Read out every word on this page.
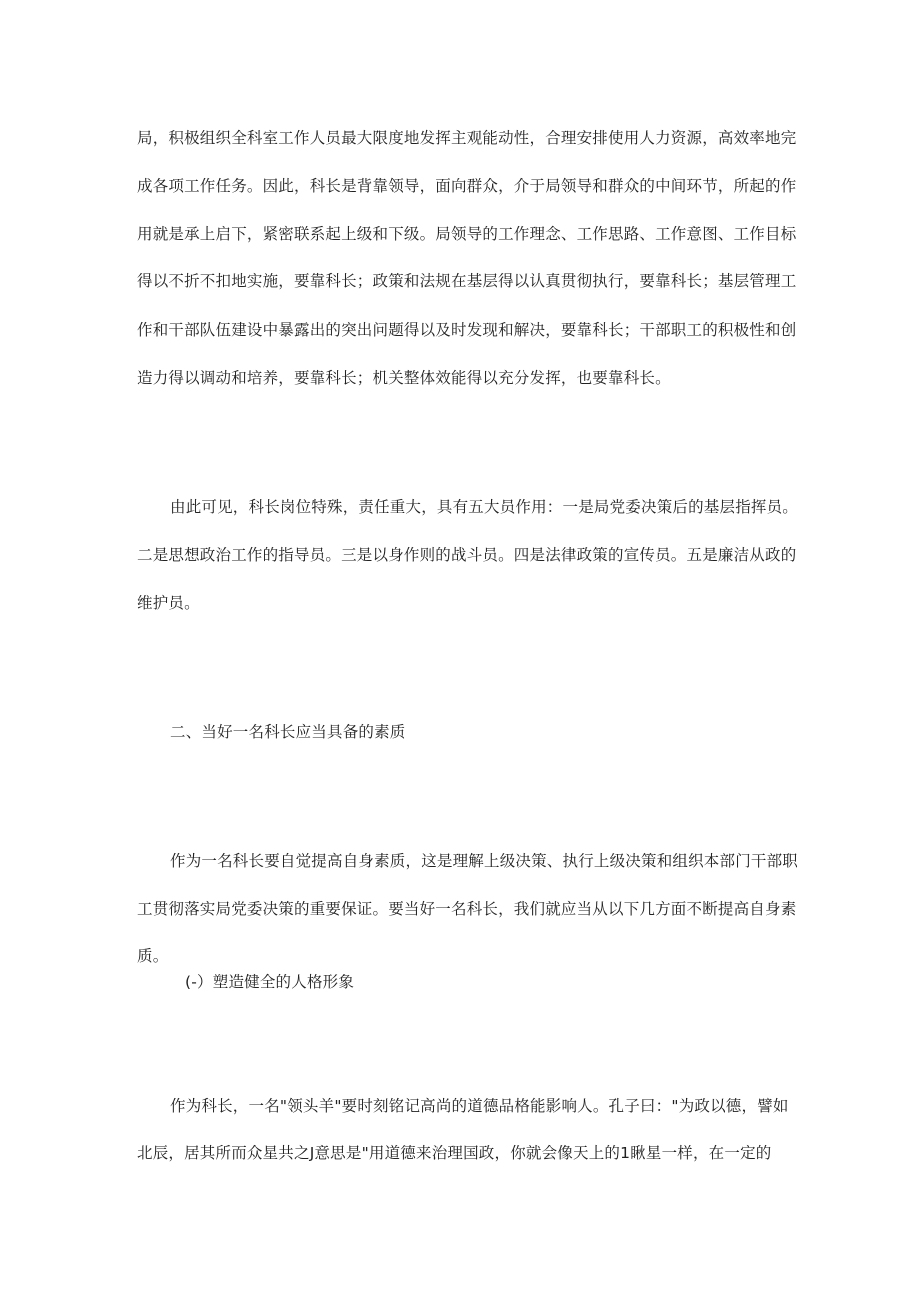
局，积极组织全科室工作人员最大限度地发挥主观能动性，合理安排使用人力资源，高效率地完
成各项工作任务。因此，科长是背靠领导，面向群众，介于局领导和群众的中间环节，所起的作
用就是承上启下，紧密联系起上级和下级。局领导的工作理念、工作思路、工作意图、工作目标
得以不折不扣地实施，要靠科长；政策和法规在基层得以认真贯彻执行，要靠科长；基层管理工
作和干部队伍建设中暴露出的突出问题得以及时发现和解决，要靠科长；干部职工的积极性和创
造力得以调动和培养，要靠科长；机关整体效能得以充分发挥，也要靠科长。
由此可见，科长岗位特殊，责任重大，具有五大员作用：一是局党委决策后的基层指挥员。
二是思想政治工作的指导员。三是以身作则的战斗员。四是法律政策的宣传员。五是廉洁从政的
维护员。
二、当好一名科长应当具备的素质
作为一名科长要自觉提高自身素质，这是理解上级决策、执行上级决策和组织本部门干部职
工贯彻落实局党委决策的重要保证。要当好一名科长，我们就应当从以下几方面不断提高自身素
质。
(-）塑造健全的人格形象
作为科长，一名"领头羊"要时刻铭记高尚的道德品格能影响人。孔子曰："为政以德，譬如
北辰，居其所而众星共之J意思是"用道德来治理国政，你就会像天上的1瞅星一样，在一定的
